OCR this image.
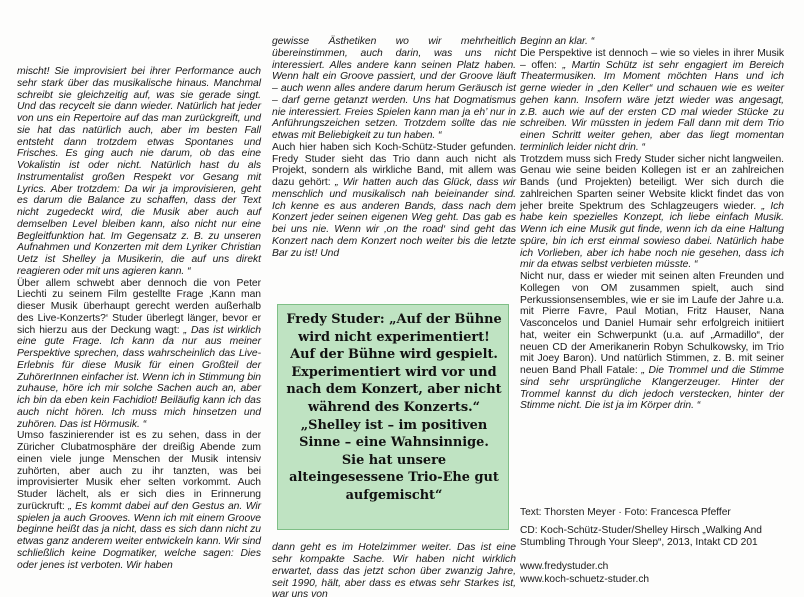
mischt! Sie improvisiert bei ihrer Performance auch sehr stark über das musikalische hinaus. Manchmal schreibt sie gleichzeitig auf, was sie gerade singt. Und das recycelt sie dann wieder. Natürlich hat jeder von uns ein Repertoire auf das man zurückgreift, und sie hat das natürlich auch, aber im besten Fall entsteht dann trotzdem etwas Spontanes und Frisches. Es ging auch nie darum, ob das eine Vokalistin ist oder nicht. Natürlich hast du als Instrumentalist großen Respekt vor Gesang mit Lyrics. Aber trotzdem: Da wir ja improvisieren, geht es darum die Balance zu schaffen, dass der Text nicht zugedeckt wird, die Musik aber auch auf demselben Level bleiben kann, also nicht nur eine Begleitfunktion hat. Im Gegensatz z. B. zu unseren Aufnahmen und Konzerten mit dem Lyriker Christian Uetz ist Shelley ja Musikerin, die auf uns direkt reagieren oder mit uns agieren kann. “

Über allem schwebt aber dennoch die von Peter Liechti zu seinem Film gestellte Frage ‚Kann man dieser Musik überhaupt gerecht werden außerhalb des Live-Konzerts?‘ Studer überlegt länger, bevor er sich hierzu aus der Deckung wagt: „ Das ist wirklich eine gute Frage. Ich kann da nur aus meiner Perspektive sprechen, dass wahrscheinlich das Live-Erlebnis für diese Musik für einen Großteil der ZuhörerInnen einfacher ist. Wenn ich in Stimmung bin zuhause, höre ich mir solche Sachen auch an, aber ich bin da eben kein Fachidiot! Beiläufig kann ich das auch nicht hören. Ich muss mich hinsetzen und zuhören. Das ist Hörmusik. “

Umso faszinierender ist es zu sehen, dass in der Züricher Clubatmosphäre der dreißig Abende zum einen viele junge Menschen der Musik intensiv zuhörten, aber auch zu ihr tanzten, was bei improvisierter Musik eher selten vorkommt. Auch Studer lächelt, als er sich dies in Erinnerung zurückruft: „ Es kommt dabei auf den Gestus an. Wir spielen ja auch Grooves. Wenn ich mit einem Groove beginne heißt das ja nicht, dass es sich dann nicht zu etwas ganz anderem weiter entwickeln kann. Wir sind schließlich keine Dogmatiker, welche sagen: Dies oder jenes ist verboten. Wir haben

gewisse Ästhetiken wo wir mehrheitlich übereinstimmen, auch darin, was uns nicht interessiert. Alles andere kann seinen Platz haben. Wenn halt ein Groove passiert, und der Groove läuft – auch wenn alles andere darum herum Geräusch ist – darf gerne getanzt werden. Uns hat Dogmatismus nie interessiert. Freies Spielen kann man ja eh’ nur in Anführungszeichen setzen. Trotzdem sollte das nie etwas mit Beliebigkeit zu tun haben. “

Auch hier haben sich Koch-Schütz-Studer gefunden. Fredy Studer sieht das Trio dann auch nicht als Projekt, sondern als wirkliche Band, mit allem was dazu gehört: „ Wir hatten auch das Glück, dass wir menschlich und musikalisch nah beieinander sind. Ich kenne es aus anderen Bands, dass nach dem Konzert jeder seinen eigenen Weg geht. Das gab es bei uns nie. Wenn wir ‚on the road‘ sind geht das Konzert nach dem Konzert noch weiter bis die letzte Bar zu ist! Und

Fredy Studer: „Auf der Bühne wird nicht experimentiert! Auf der Bühne wird gespielt. Experimentiert wird vor und nach dem Konzert, aber nicht während des Konzerts.“ „Shelley ist – im positiven Sinne – eine Wahnsinnige. Sie hat unsere alteingesessene Trio-Ehe gut aufgemischt“

dann geht es im Hotelzimmer weiter. Das ist eine sehr kompakte Sache. Wir haben nicht wirklich erwartet, dass das jetzt schon über zwanzig Jahre, seit 1990, hält, aber dass es etwas sehr Starkes ist, war uns von

Beginn an klar. “

Die Perspektive ist dennoch – wie so vieles in ihrer Musik – offen: „ Martin Schütz ist sehr engagiert im Bereich Theatermusiken. Im Moment möchten Hans und ich gerne wieder in „den Keller“ und schauen wie es weiter gehen kann. Insofern wäre jetzt wieder was angesagt, z.B. auch wie auf der ersten CD mal wieder Stücke zu schreiben. Wir müssten in jedem Fall dann mit dem Trio einen Schritt weiter gehen, aber das liegt momentan terminlich leider nicht drin. “

Trotzdem muss sich Fredy Studer sicher nicht langweilen. Genau wie seine beiden Kollegen ist er an zahlreichen Bands (und Projekten) beteiligt. Wer sich durch die zahlreichen Sparten seiner Website klickt findet das von jeher breite Spektrum des Schlagzeugers wieder. „ Ich habe kein spezielles Konzept, ich liebe einfach Musik. Wenn ich eine Musik gut finde, wenn ich da eine Haltung spüre, bin ich erst einmal sowieso dabei. Natürlich habe ich Vorlieben, aber ich habe noch nie gesehen, dass ich mir da etwas selbst verbieten müsste. “

Nicht nur, dass er wieder mit seinen alten Freunden und Kollegen von OM zusammen spielt, auch sind Perkussionsensembles, wie er sie im Laufe der Jahre u.a. mit Pierre Favre, Paul Motian, Fritz Hauser, Nana Vasconcelos und Daniel Humair sehr erfolgreich initiiert hat, weiter ein Schwerpunkt (u.a. auf „Armadillo“, der neuen CD der Amerikanerin Robyn Schulkowsky, im Trio mit Joey Baron). Und natürlich Stimmen, z. B. mit seiner neuen Band Phall Fatale: „ Die Trommel und die Stimme sind sehr ursprüngliche Klangerzeuger. Hinter der Trommel kannst du dich jedoch verstecken, hinter der Stimme nicht. Die ist ja im Körper drin. “

Text: Thorsten Meyer · Foto: Francesca Pfeffer
CD: Koch-Schütz-Studer/Shelley Hirsch „Walking And Stumbling Through Your Sleep“, 2013, Intakt CD 201
www.fredystuder.ch
www.koch-schuetz-studer.ch
